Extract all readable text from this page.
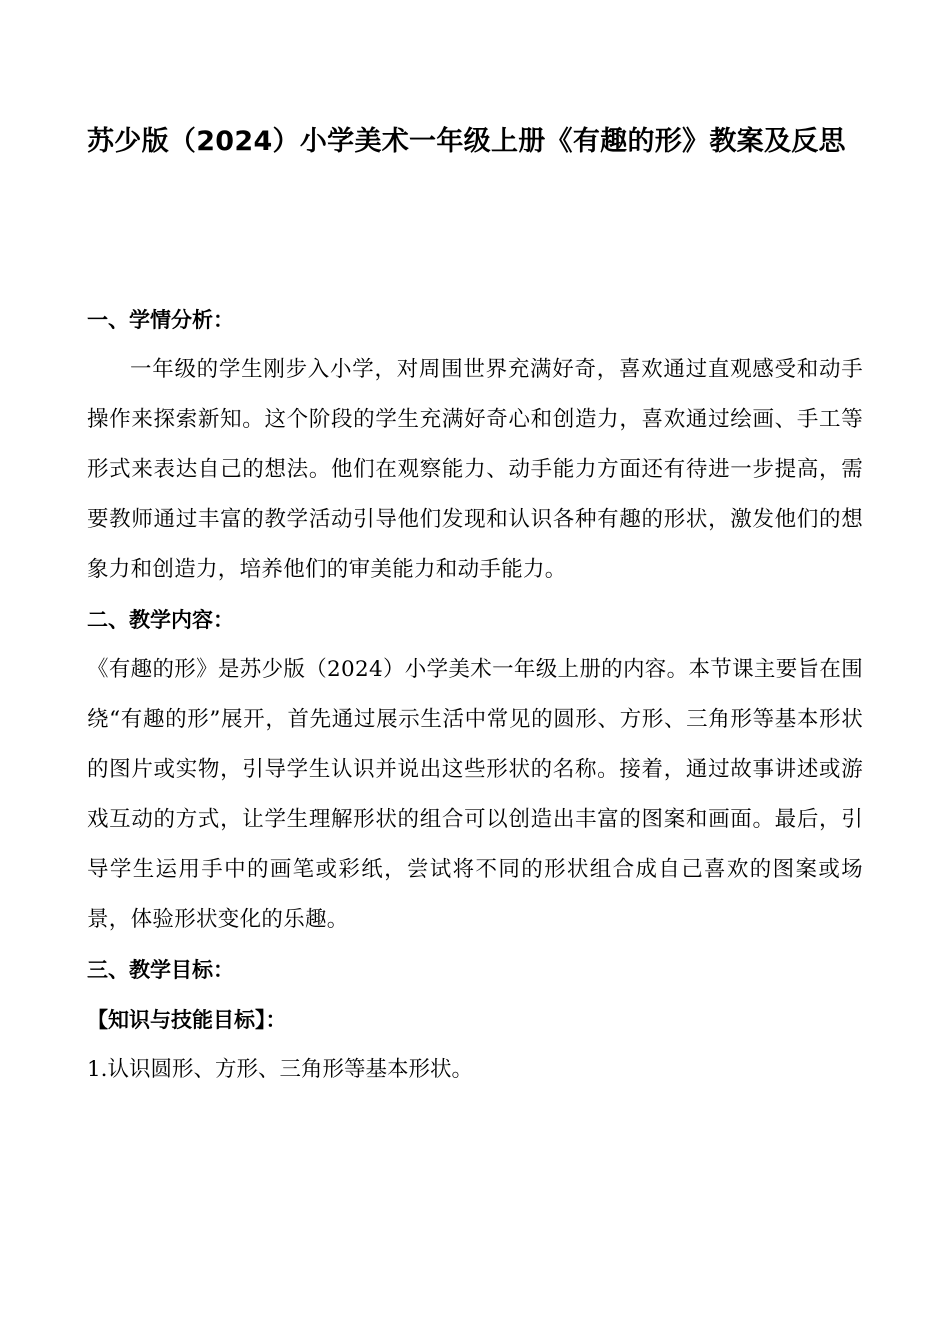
苏少版（2024）小学美术一年级上册《有趣的形》教案及反思
一、学情分析：

一年级的学生刚步入小学，对周围世界充满好奇，喜欢通过直观感受和动手操作来探索新知。这个阶段的学生充满好奇心和创造力，喜欢通过绘画、手工等形式来表达自己的想法。他们在观察能力、动手能力方面还有待进一步提高，需要教师通过丰富的教学活动引导他们发现和认识各种有趣的形状，激发他们的想象力和创造力，培养他们的审美能力和动手能力。

二、教学内容：

《有趣的形》是苏少版（2024）小学美术一年级上册的内容。本节课主要旨在围绕“有趣的形”展开，首先通过展示生活中常见的圆形、方形、三角形等基本形状的图片或实物，引导学生认识并说出这些形状的名称。接着，通过故事讲述或游戏互动的方式，让学生理解形状的组合可以创造出丰富的图案和画面。最后，引导学生运用手中的画笔或彩纸，尝试将不同的形状组合成自己喜欢的图案或场景，体验形状变化的乐趣。

三、教学目标：
【知识与技能目标】：

1.认识圆形、方形、三角形等基本形状。
